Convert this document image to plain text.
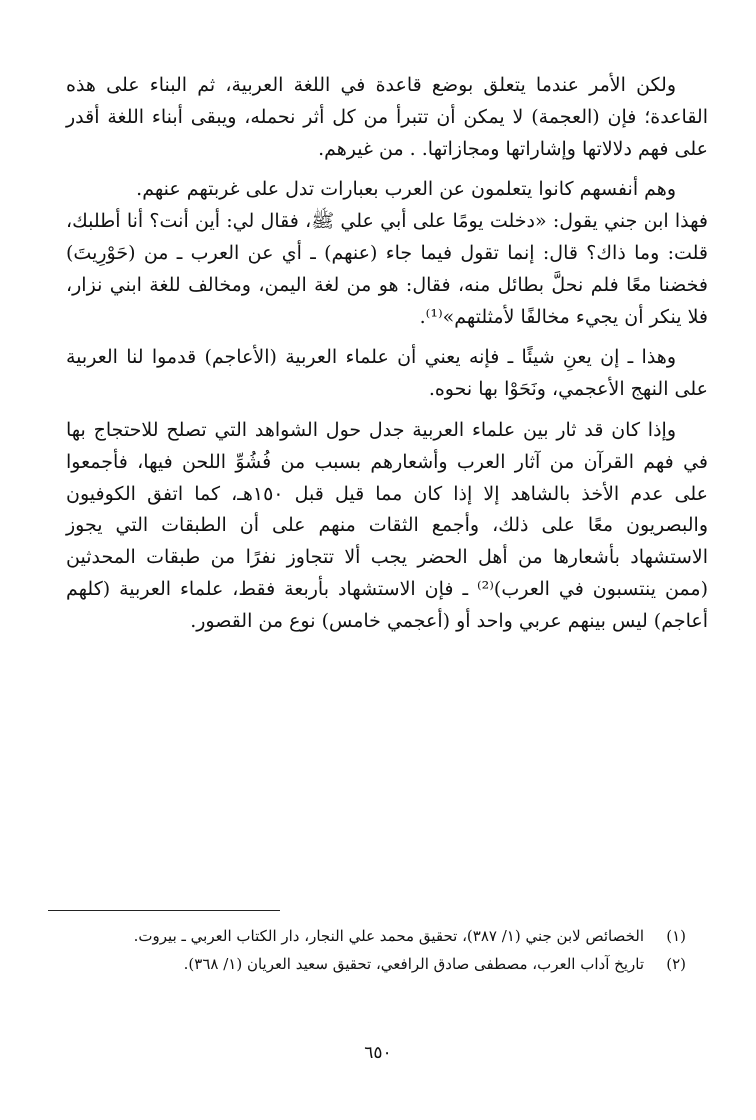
ولكن الأمر عندما يتعلق بوضع قاعدة في اللغة العربية، ثم البناء على هذه القاعدة؛ فإن (العجمة) لا يمكن أن تتبرأ من كل أثر نحمله، ويبقى أبناء اللغة أقدر على فهم دلالاتها وإشاراتها ومجازاتها. . من غيرهم.

وهم أنفسهم كانوا يتعلمون عن العرب بعبارات تدل على غربتهم عنهم.

فهذا ابن جني يقول: «دخلت يومًا على أبي علي ﷺ، فقال لي: أين أنت؟ أنا أطلبك، قلت: وما ذاك؟ قال: إنما تقول فيما جاء (عنهم) ـ أي عن العرب ـ من (حَوْرِيتَ) فخضنا معًا فلم نحلَّ بطائل منه، فقال: هو من لغة اليمن، ومخالف للغة ابني نزار، فلا ينكر أن يجيء مخالفًا لأمثلتهم»⁽¹⁾.

وهذا ـ إن يعنِ شيئًا ـ فإنه يعني أن علماء العربية (الأعاجم) قدموا لنا العربية على النهج الأعجمي، ونَحَوْا بها نحوه.

وإذا كان قد ثار بين علماء العربية جدل حول الشواهد التي تصلح للاحتجاج بها في فهم القرآن من آثار العرب وأشعارهم بسبب من فُشُوِّ اللحن فيها، فأجمعوا على عدم الأخذ بالشاهد إلا إذا كان مما قيل قبل ١٥٠هـ، كما اتفق الكوفيون والبصريون معًا على ذلك، وأجمع الثقات منهم على أن الطبقات التي يجوز الاستشهاد بأشعارها من أهل الحضر يجب ألا تتجاوز نفرًا من طبقات المحدثين (ممن ينتسبون في العرب)⁽²⁾ ـ فإن الاستشهاد بأربعة فقط، علماء العربية (كلهم أعاجم) ليس بينهم عربي واحد أو (أعجمي خامس) نوع من القصور.

(١)
الخصائص لابن جني (١/ ٣٨٧)، تحقيق محمد علي النجار، دار الكتاب العربي ـ بيروت.

(٢)
تاريخ آداب العرب، مصطفى صادق الرافعي، تحقيق سعيد العريان (١/ ٣٦٨).

٦٥٠
